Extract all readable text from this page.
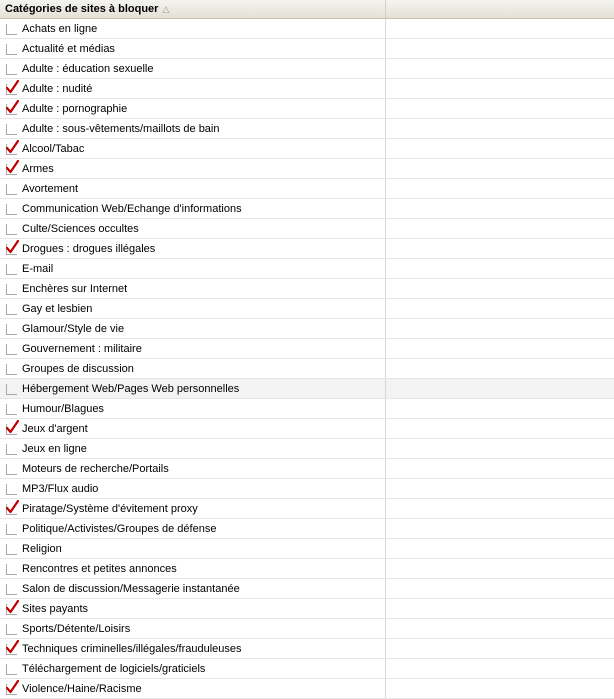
Catégories de sites à bloquer △
Achats en ligne
Actualité et médias
Adulte : éducation sexuelle
Adulte : nudité
Adulte : pornographie
Adulte : sous-vêtements/maillots de bain
Alcool/Tabac
Armes
Avortement
Communication Web/Echange d'informations
Culte/Sciences occultes
Drogues : drogues illégales
E-mail
Enchères sur Internet
Gay et lesbien
Glamour/Style de vie
Gouvernement : militaire
Groupes de discussion
Hébergement Web/Pages Web personnelles
Humour/Blagues
Jeux d'argent
Jeux en ligne
Moteurs de recherche/Portails
MP3/Flux audio
Piratage/Système d'évitement proxy
Politique/Activistes/Groupes de défense
Religion
Rencontres et petites annonces
Salon de discussion/Messagerie instantanée
Sites payants
Sports/Détente/Loisirs
Techniques criminelles/illégales/frauduleuses
Téléchargement de logiciels/graticiels
Violence/Haine/Racisme
